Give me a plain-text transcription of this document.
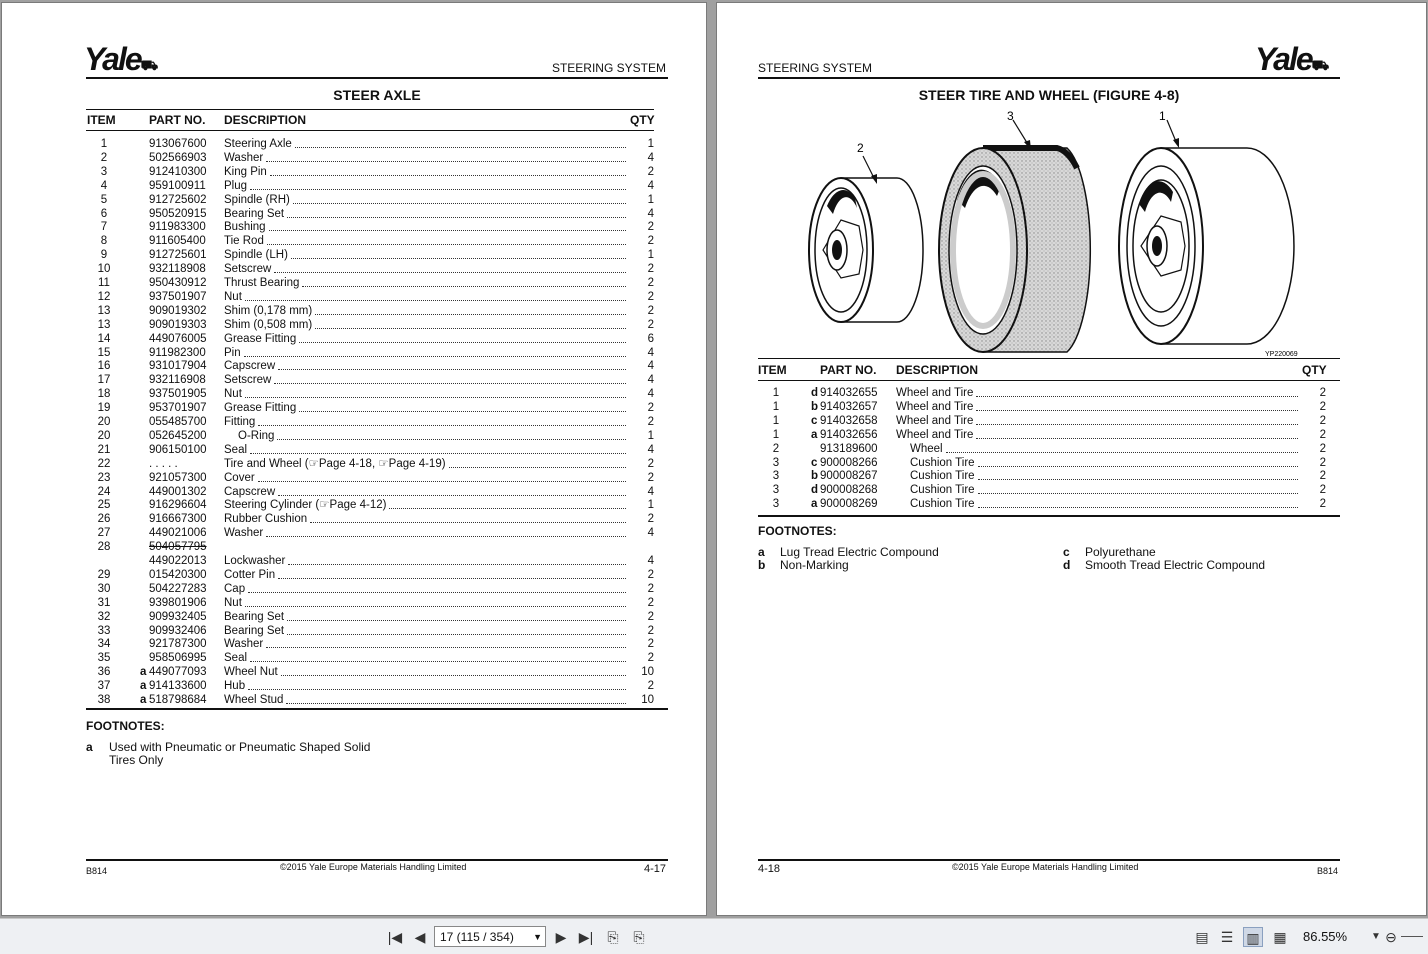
Yale⛟	STEERING SYSTEM
STEER AXLE
ITEM	PART NO. DESCRIPTION	QTY
1	913067600 Steering Axle	1
2	502566903 Washer	4
3	912410300 King Pin	2
4	959100911 Plug	4
5	912725602 Spindle (RH)	1
6	950520915 Bearing Set	4
7	911983300 Bushing	2
8	911605400 Tie Rod	2
9	912725601 Spindle (LH)	1
10	932118908 Setscrew	2
11	950430912 Thrust Bearing	2
12	937501907 Nut	2
13	909019302 Shim (0,178 mm)	2
13	909019303 Shim (0,508 mm)	2
14	449076005 Grease Fitting	6
15	911982300 Pin	4
16	931017904 Capscrew	4
17	932116908 Setscrew	4
18	937501905 Nut	4
19	953701907 Grease Fitting	2
20	055485700 Fitting	2
20	052645200	O-Ring	1
21	906150100 Seal	4
22	. . . . .	Tire and Wheel (☞Page 4-18, ☞Page 4-19)	2
23	921057300 Cover	2
24	449001302 Capscrew	4
25	916296604 Steering Cylinder (☞Page 4-12)	1
26	916667300 Rubber Cushion	2
27	449021006 Washer	4
28	504057795
449022013 Lockwasher	4
29	015420300 Cotter Pin	2
30	504227283 Cap	2
31	939801906 Nut	2
32	909932405 Bearing Set	2
33	909932406 Bearing Set	2
34	921787300 Washer	2
35	958506995 Seal	2
36	a 449077093 Wheel Nut	10
37	a 914133600 Hub	2
38	a 518798684 Wheel Stud	10
FOOTNOTES:
a Used with Pneumatic or Pneumatic Shaped Solid
Tires Only
B814	©2015 Yale Europe Materials Handling Limited	4-17
STEERING SYSTEM	Yale⛟
STEER TIRE AND WHEEL (FIGURE 4-8)
2
3	1
YP220069
ITEM	PART NO. DESCRIPTION	QTY
1	d 914032655 Wheel and Tire	2
1	b 914032657 Wheel and Tire	2
1	c 914032658 Wheel and Tire	2
1	a 914032656 Wheel and Tire	2
2	913189600	Wheel	2
3	c 900008266	Cushion Tire	2
3	b 900008267	Cushion Tire	2
3	d 900008268	Cushion Tire	2
3	a 900008269	Cushion Tire	2
FOOTNOTES:
a Lug Tread Electric Compound
b Non-Marking
c Polyurethane
d Smooth Tread Electric Compound
4-18	©2015 Yale Europe Materials Handling Limited	B814
|◀ ◀	17 (115 / 354) ▼ ▶ ▶|	⎘	⎘	▤ ☰ ▥ ▦ 86.55%	▼ ⊖
